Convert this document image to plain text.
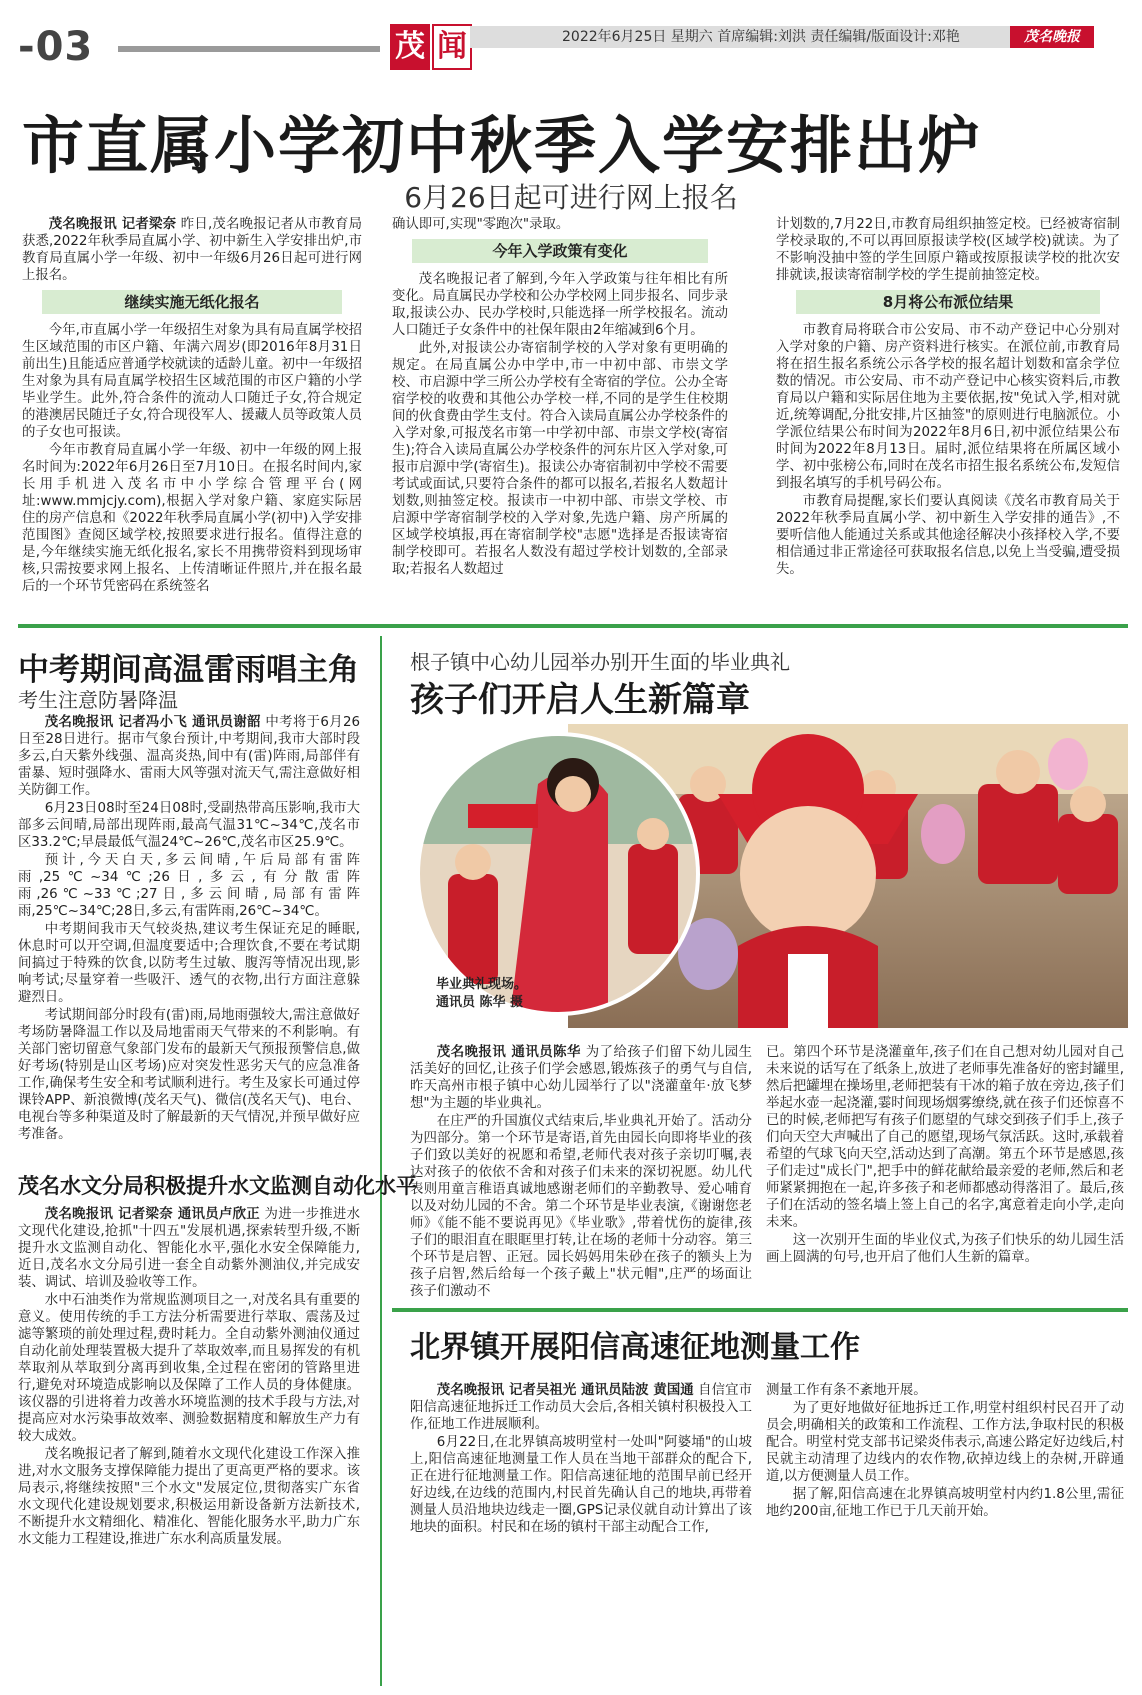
-03	茂 闻	2022年6月25日 星期六 首席编辑:刘洪 责任编辑/版面设计:邓艳	茂名晚报
市直属小学初中秋季入学安排出炉
6月26日起可进行网上报名

茂名晚报讯 记者梁奈 昨日,茂名晚报记者从市教育局获悉,2022年秋季局直属小学、初中新生入学安排出炉,市教育局直属小学一年级、初中一年级6月26日起可进行网上报名。

继续实施无纸化报名

今年,市直属小学一年级招生对象为具有局直属学校招生区域范围的市区户籍、年满六周岁(即2016年8月31日前出生)且能适应普通学校就读的适龄儿童。初中一年级招生对象为具有局直属学校招生区域范围的市区户籍的小学毕业学生。此外,符合条件的流动人口随迁子女,符合规定的港澳居民随迁子女,符合现役军人、援藏人员等政策人员的子女也可报读。

今年市教育局直属小学一年级、初中一年级的网上报名时间为:2022年6月26日至7月10日。在报名时间内,家长用手机进入茂名市中小学综合管理平台(网址:www.mmjcjy.com),根据入学对象户籍、家庭实际居住的房产信息和《2022年秋季局直属小学(初中)入学安排范围图》查阅区域学校,按照要求进行报名。值得注意的是,今年继续实施无纸化报名,家长不用携带资料到现场审核,只需按要求网上报名、上传清晰证件照片,并在报名最后的一个环节凭密码在系统签名

确认即可,实现"零跑次"录取。

今年入学政策有变化

茂名晚报记者了解到,今年入学政策与往年相比有所变化。局直属民办学校和公办学校网上同步报名、同步录取,报读公办、民办学校时,只能选择一所学校报名。流动人口随迁子女条件中的社保年限由2年缩减到6个月。

此外,对报读公办寄宿制学校的入学对象有更明确的规定。在局直属公办中学中,市一中初中部、市崇文学校、市启源中学三所公办学校有全寄宿的学位。公办全寄宿学校的收费和其他公办学校一样,不同的是学生住校期间的伙食费由学生支付。符合入读局直属公办学校条件的入学对象,可报茂名市第一中学初中部、市崇文学校(寄宿生);符合入读局直属公办学校条件的河东片区入学对象,可报市启源中学(寄宿生)。报读公办寄宿制初中学校不需要考试或面试,只要符合条件的都可以报名,若报名人数超计划数,则抽签定校。报读市一中初中部、市崇文学校、市启源中学寄宿制学校的入学对象,先选户籍、房产所属的区域学校填报,再在寄宿制学校"志愿"选择是否报读寄宿制学校即可。若报名人数没有超过学校计划数的,全部录取;若报名人数超过

计划数的,7月22日,市教育局组织抽签定校。已经被寄宿制学校录取的,不可以再回原报读学校(区域学校)就读。为了不影响没抽中签的学生回原户籍或按原报读学校的批次安排就读,报读寄宿制学校的学生提前抽签定校。

8月将公布派位结果

市教育局将联合市公安局、市不动产登记中心分别对入学对象的户籍、房产资料进行核实。在派位前,市教育局将在招生报名系统公示各学校的报名超计划数和富余学位数的情况。市公安局、市不动产登记中心核实资料后,市教育局以户籍和实际居住地为主要依据,按"免试入学,相对就近,统筹调配,分批安排,片区抽签"的原则进行电脑派位。小学派位结果公布时间为2022年8月6日,初中派位结果公布时间为2022年8月13日。届时,派位结果将在所属区域小学、初中张榜公布,同时在茂名市招生报名系统公布,发短信到报名填写的手机号码公布。

市教育局提醒,家长们要认真阅读《茂名市教育局关于2022年秋季局直属小学、初中新生入学安排的通告》,不要听信他人能通过关系或其他途径解决小孩择校入学,不要相信通过非正常途径可获取报名信息,以免上当受骗,遭受损失。

中考期间高温雷雨唱主角
考生注意防暑降温

茂名晚报讯 记者冯小飞 通讯员谢韶 中考将于6月26日至28日进行。据市气象台预计,中考期间,我市大部时段多云,白天紫外线强、温高炎热,间中有(雷)阵雨,局部伴有雷暴、短时强降水、雷雨大风等强对流天气,需注意做好相关防御工作。

6月23日08时至24日08时,受副热带高压影响,我市大部多云间晴,局部出现阵雨,最高气温31℃~34℃,茂名市区33.2℃;早晨最低气温24℃~26℃,茂名市区25.9℃。

预计,今天白天,多云间晴,午后局部有雷阵雨,25℃~34℃;26日,多云,有分散雷阵雨,26℃~33℃;27日,多云间晴,局部有雷阵雨,25℃~34℃;28日,多云,有雷阵雨,26℃~34℃。

中考期间我市天气较炎热,建议考生保证充足的睡眠,休息时可以开空调,但温度要适中;合理饮食,不要在考试期间搞过于特殊的饮食,以防考生过敏、腹泻等情况出现,影响考试;尽量穿着一些吸汗、透气的衣物,出行方面注意躲避烈日。

考试期间部分时段有(雷)雨,局地雨强较大,需注意做好考场防暑降温工作以及局地雷雨天气带来的不利影响。有关部门密切留意气象部门发布的最新天气预报预警信息,做好考场(特别是山区考场)应对突发性恶劣天气的应急准备工作,确保考生安全和考试顺利进行。考生及家长可通过停课铃APP、新浪微博(茂名天气)、微信(茂名天气)、电台、电视台等多种渠道及时了解最新的天气情况,并预早做好应考准备。

茂名水文分局积极提升水文监测自动化水平

茂名晚报讯 记者梁奈 通讯员卢欣正 为进一步推进水文现代化建设,抢抓"十四五"发展机遇,探索转型升级,不断提升水文监测自动化、智能化水平,强化水安全保障能力,近日,茂名水文分局引进一套全自动紫外测油仪,并完成安装、调试、培训及验收等工作。

水中石油类作为常规监测项目之一,对茂名具有重要的意义。使用传统的手工方法分析需要进行萃取、震荡及过滤等繁琐的前处理过程,费时耗力。全自动紫外测油仪通过自动化前处理装置极大提升了萃取效率,而且易挥发的有机萃取剂从萃取到分离再到收集,全过程在密闭的管路里进行,避免对环境造成影响以及保障了工作人员的身体健康。该仪器的引进将着力改善水环境监测的技术手段与方法,对提高应对水污染事故效率、测验数据精度和解放生产力有较大成效。

茂名晚报记者了解到,随着水文现代化建设工作深入推进,对水文服务支撑保障能力提出了更高更严格的要求。该局表示,将继续按照"三个水文"发展定位,贯彻落实广东省水文现代化建设规划要求,积极运用新设备新方法新技术,不断提升水文精细化、精准化、智能化服务水平,助力广东水文能力工程建设,推进广东水利高质量发展。

根子镇中心幼儿园举办别开生面的毕业典礼
孩子们开启人生新篇章
毕业典礼现场。
通讯员 陈华 摄

茂名晚报讯 通讯员陈华 为了给孩子们留下幼儿园生活美好的回忆,让孩子们学会感恩,锻炼孩子的勇气与自信,昨天高州市根子镇中心幼儿园举行了以"浇灌童年·放飞梦想"为主题的毕业典礼。

在庄严的升国旗仪式结束后,毕业典礼开始了。活动分为四部分。第一个环节是寄语,首先由园长向即将毕业的孩子们致以美好的祝愿和希望,老师代表对孩子亲切叮嘱,表达对孩子的依依不舍和对孩子们未来的深切祝愿。幼儿代表则用童言稚语真诚地感谢老师们的辛勤教导、爱心哺育以及对幼儿园的不舍。第二个环节是毕业表演,《谢谢您老师》《能不能不要说再见》《毕业歌》,带着忧伤的旋律,孩子们的眼泪直在眼眶里打转,让在场的老师十分动容。第三个环节是启智、正冠。园长妈妈用朱砂在孩子的额头上为孩子启智,然后给每一个孩子戴上"状元帽",庄严的场面让孩子们激动不

已。第四个环节是浇灌童年,孩子们在自己想对幼儿园对自己未来说的话写在了纸条上,放进了老师事先准备好的密封罐里,然后把罐埋在操场里,老师把装有干冰的箱子放在旁边,孩子们举起水壶一起浇灌,霎时间现场烟雾缭绕,就在孩子们还惊喜不已的时候,老师把写有孩子们愿望的气球交到孩子们手上,孩子们向天空大声喊出了自己的愿望,现场气氛活跃。这时,承载着希望的气球飞向天空,活动达到了高潮。第五个环节是感恩,孩子们走过"成长门",把手中的鲜花献给最亲爱的老师,然后和老师紧紧拥抱在一起,许多孩子和老师都感动得落泪了。最后,孩子们在活动的签名墙上签上自己的名字,寓意着走向小学,走向未来。

这一次别开生面的毕业仪式,为孩子们快乐的幼儿园生活画上圆满的句号,也开启了他们人生新的篇章。

北界镇开展阳信高速征地测量工作

茂名晚报讯 记者吴祖光 通讯员陆波 黄国通 自信宜市阳信高速征地拆迁工作动员大会后,各相关镇村积极投入工作,征地工作进展顺利。

6月22日,在北界镇高坡明堂村一处叫"阿婆埇"的山坡上,阳信高速征地测量工作人员在当地干部群众的配合下,正在进行征地测量工作。阳信高速征地的范围早前已经开好边线,在边线的范围内,村民首先确认自己的地块,再带着测量人员沿地块边线走一圈,GPS记录仪就自动计算出了该地块的面积。村民和在场的镇村干部主动配合工作,

测量工作有条不紊地开展。

为了更好地做好征地拆迁工作,明堂村组织村民召开了动员会,明确相关的政策和工作流程、工作方法,争取村民的积极配合。明堂村党支部书记梁炎伟表示,高速公路定好边线后,村民就主动清理了边线内的农作物,砍掉边线上的杂树,开辟通道,以方便测量人员工作。

据了解,阳信高速在北界镇高坡明堂村内约1.8公里,需征地约200亩,征地工作已于几天前开始。
